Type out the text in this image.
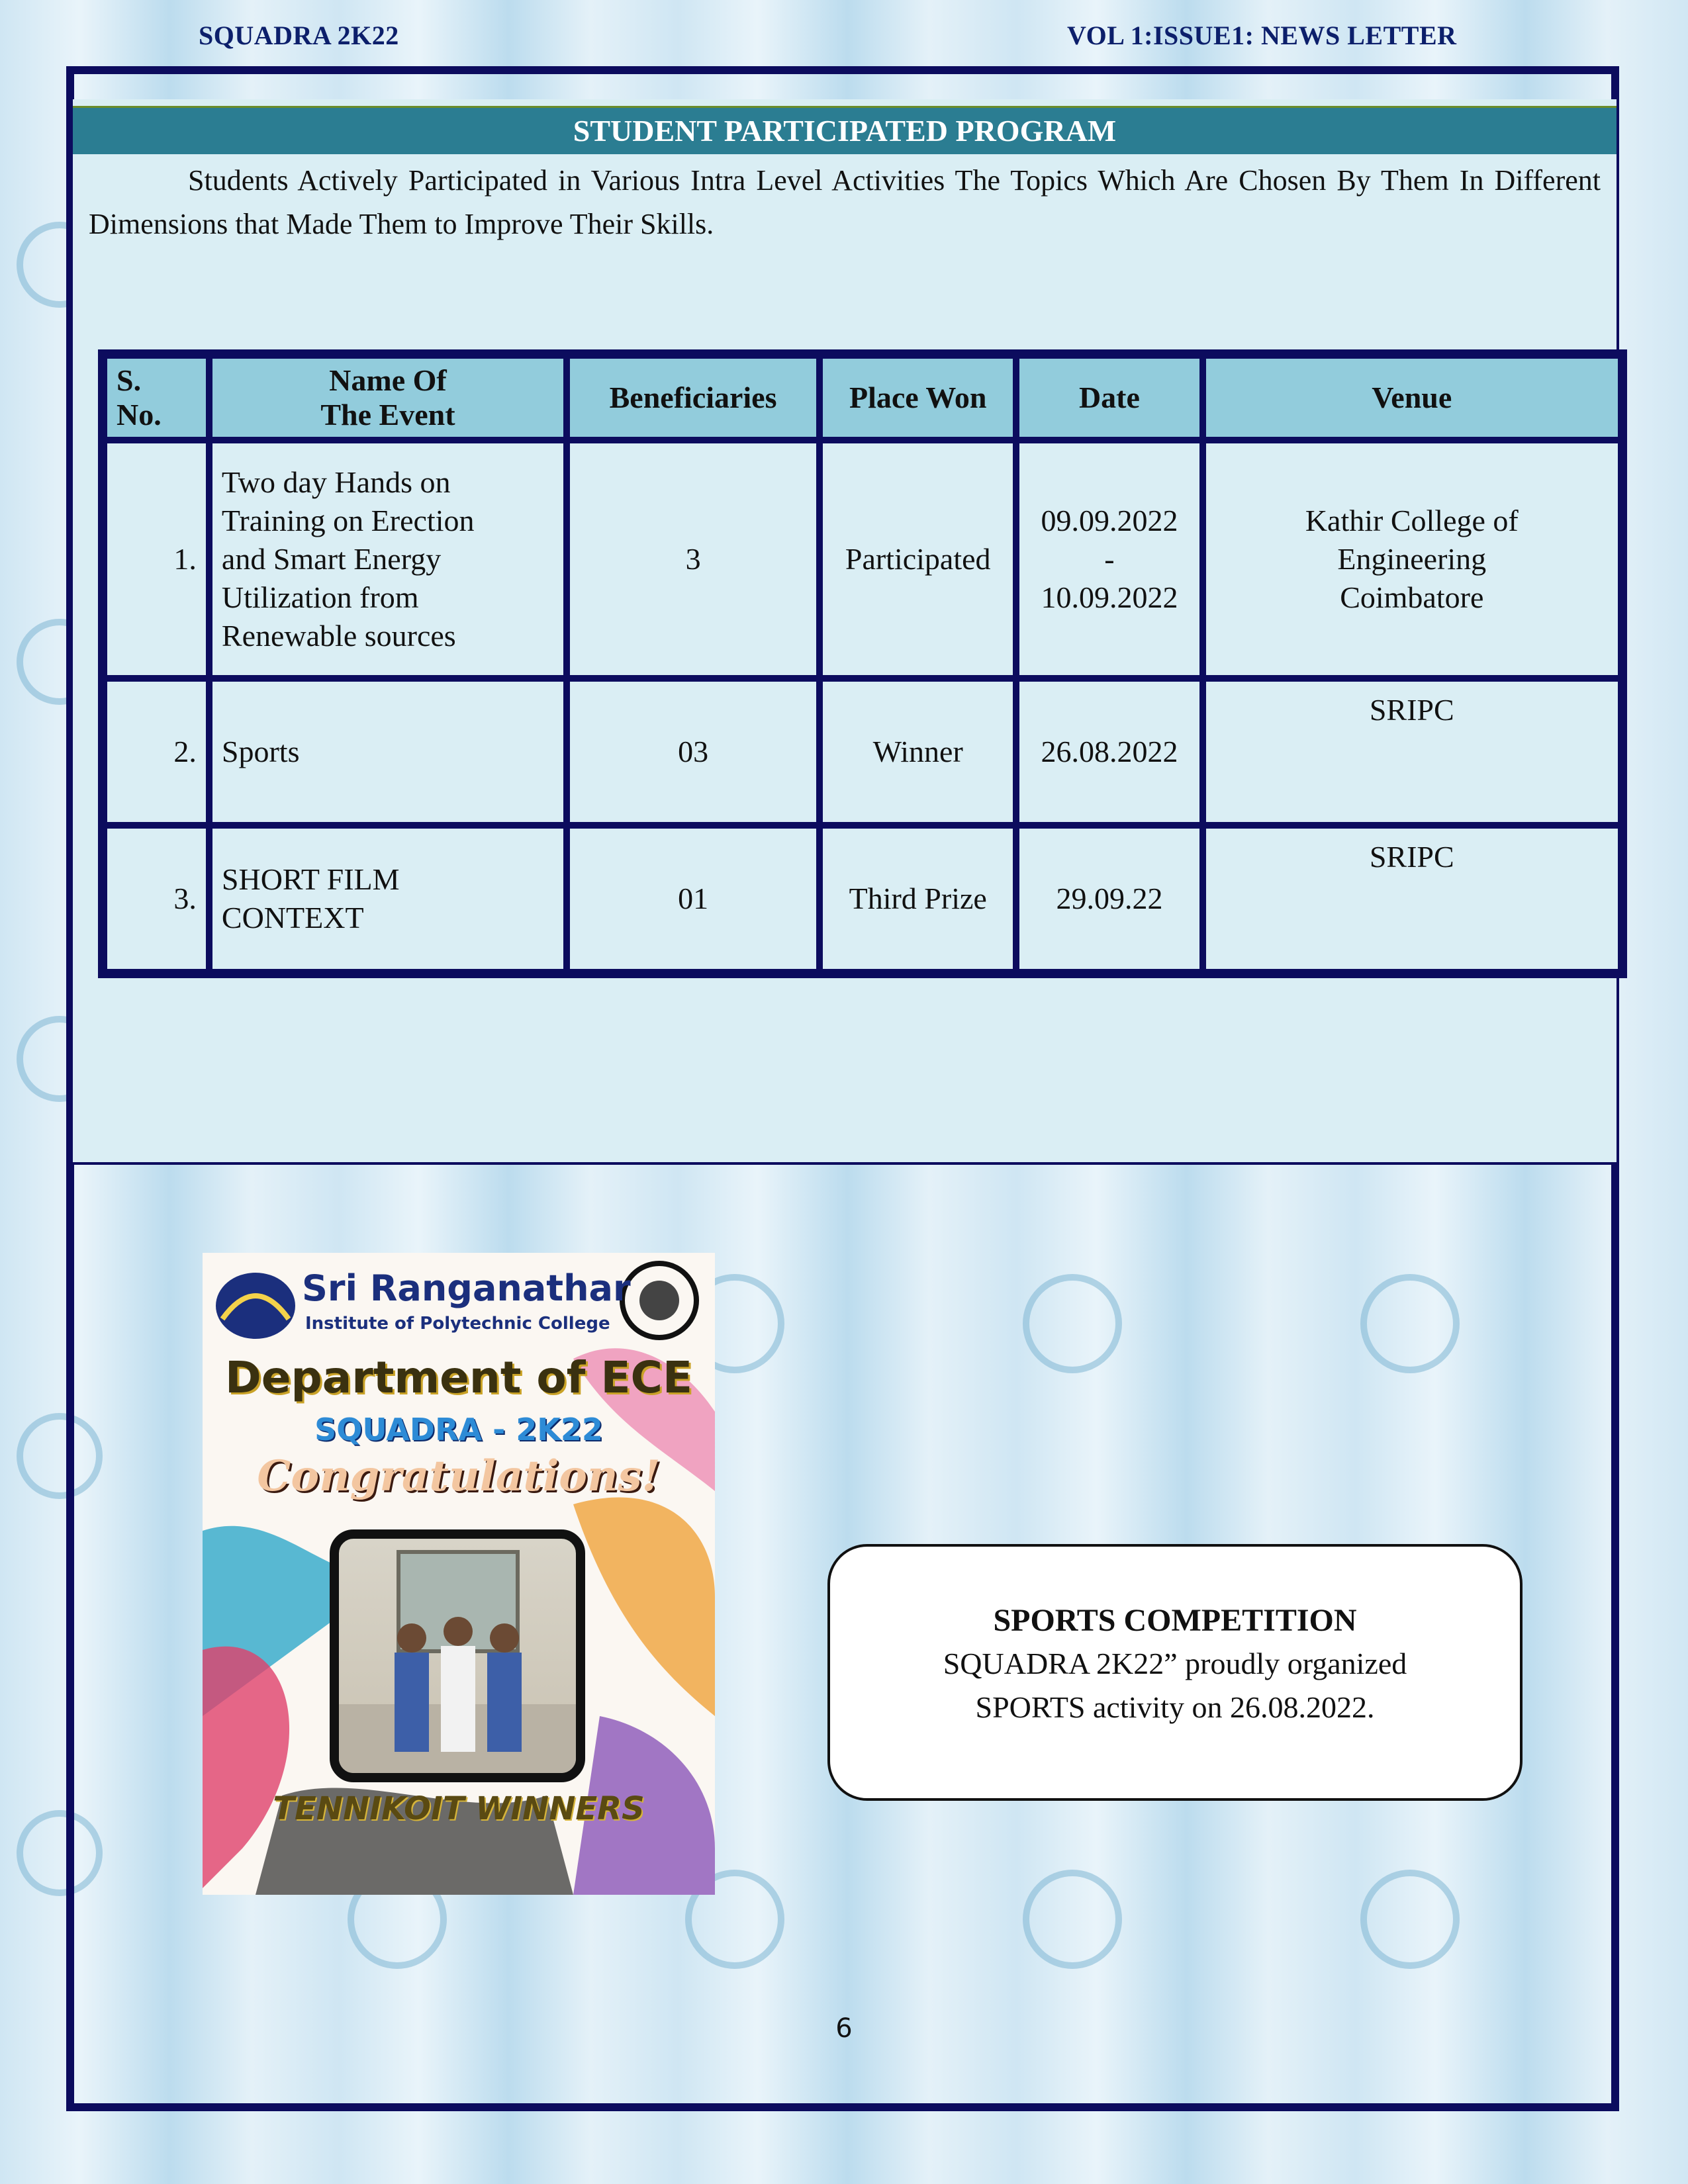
SQUADRA 2K22	VOL 1:ISSUE1: NEWS LETTER
STUDENT PARTICIPATED PROGRAM
Students Actively Participated in Various Intra Level Activities The Topics Which Are Chosen By Them In Different Dimensions that Made Them to Improve Their Skills.
S.
No.	Name Of
The Event	Beneficiaries	Place Won	Date	Venue
1.	Two day Hands on
Training on Erection
and Smart Energy
Utilization from
Renewable sources	3	Participated	09.09.2022
-
10.09.2022	Kathir College of
Engineering
Coimbatore
2.	Sports	03	Winner	26.08.2022	SRIPC
3.	SHORT FILM
CONTEXT	01	Third Prize	29.09.22	SRIPC
Sri Ranganathar
Institute of Polytechnic College
Department of ECE
SQUADRA - 2K22
Congratulations!
TENNIKOIT WINNERS
SPORTS COMPETITION
SQUADRA 2K22” proudly organized
SPORTS activity on 26.08.2022.
6
